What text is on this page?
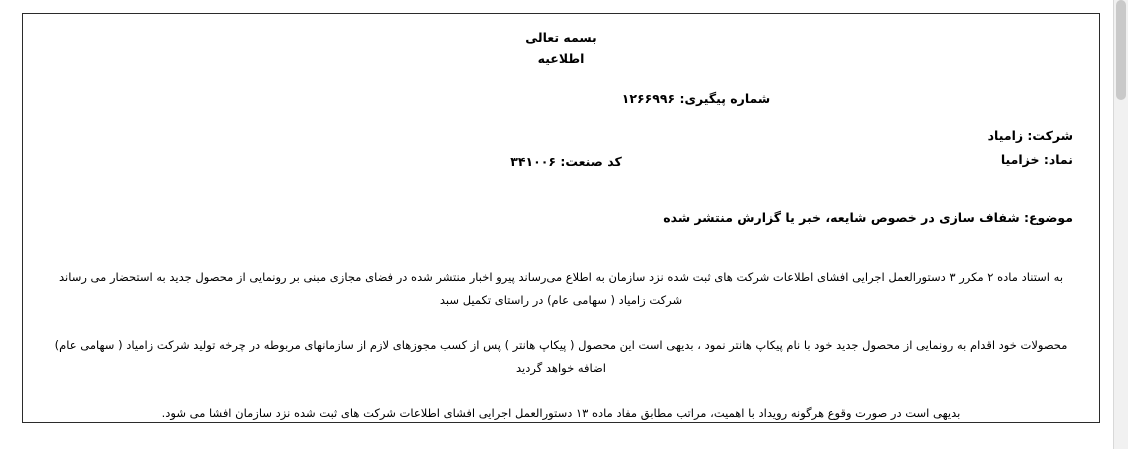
بسمه تعالی
اطلاعیه
شماره پیگیری: ۱۲۶۶۹۹۶
شرکت: زامیاد
نماد: خزامیا
کد صنعت: ۳۴۱۰۰۶
موضوع: شفاف سازی در خصوص شایعه، خبر یا گزارش منتشر شده

به استناد ماده ۲ مکرر ۳ دستورالعمل اجرایی افشای اطلاعات شرکت های ثبت شده نزد سازمان به اطلاع می‌رساند پیرو اخبار منتشر شده در فضای مجازی مبنی بر رونمایی از محصول جدید به استحضار می رساند شرکت زامیاد ( سهامی عام) در راستای تکمیل سبد

محصولات خود اقدام به رونمایی از محصول جدید خود با نام پیکاپ هانتر نمود ، بدیهی است این محصول ( پیکاپ هانتر ) پس از کسب مجوزهای لازم از سازمانهای مربوطه در چرخه تولید شرکت زامیاد ( سهامی عام) اضافه خواهد گردید

بدیهی است در صورت وقوع هرگونه رویداد با اهمیت، مراتب مطابق مفاد ماده ۱۳ دستورالعمل اجرایی افشای اطلاعات شرکت های ثبت شده نزد سازمان افشا می شود.
